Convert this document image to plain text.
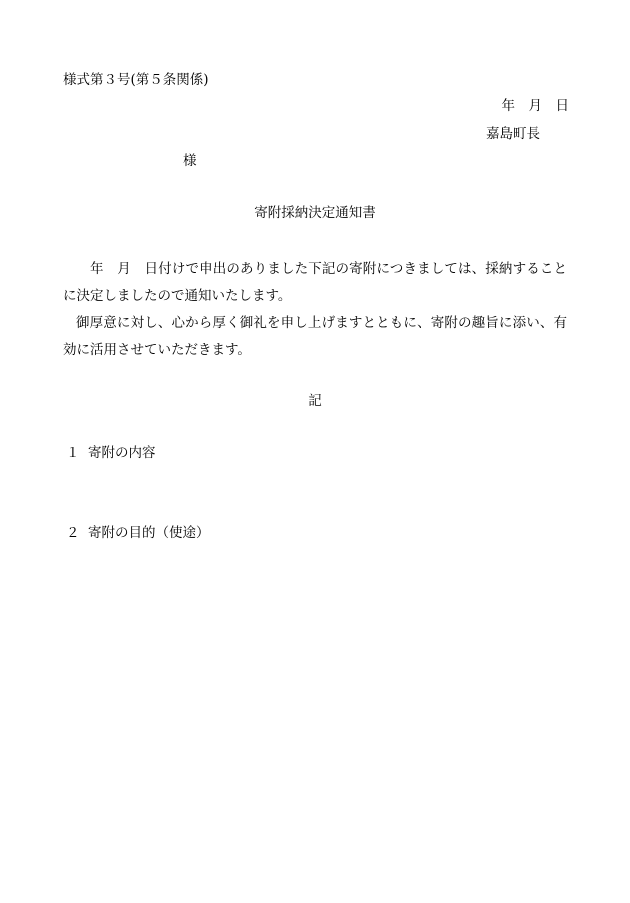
様式第３号(第５条関係)
年　月　日
嘉島町長
様
寄附採納決定通知書
年　月　日付けで申出のありました下記の寄附につきましては、採納することに決定しましたので通知いたします。
御厚意に対し、心から厚く御礼を申し上げますとともに、寄附の趣旨に添い、有効に活用させていただきます。
記
１ 寄附の内容
２ 寄附の目的（使途）
